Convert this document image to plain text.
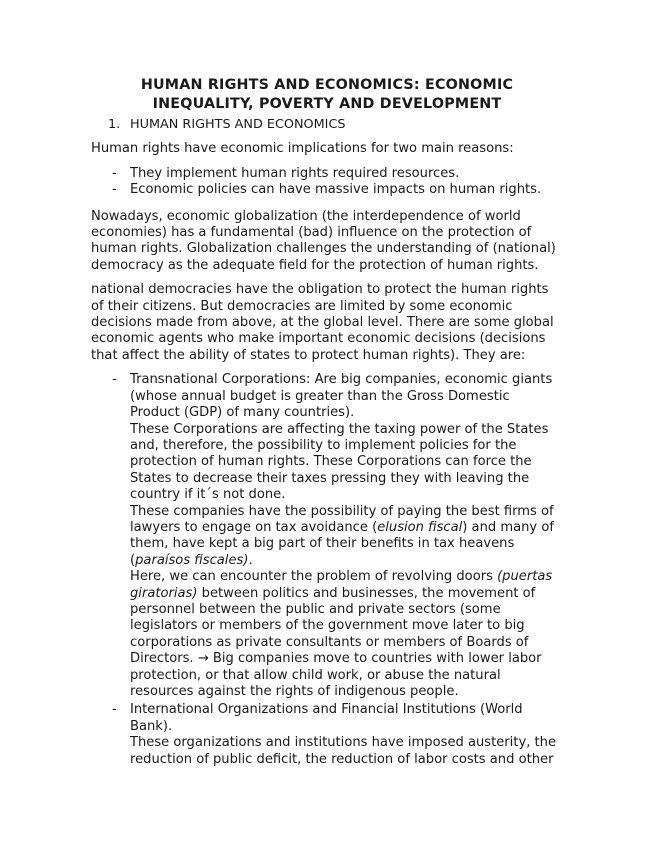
HUMAN RIGHTS AND ECONOMICS: ECONOMIC
INEQUALITY, POVERTY AND DEVELOPMENT
1. HUMAN RIGHTS AND ECONOMICS

Human rights have economic implications for two main reasons:

- They implement human rights required resources.
- Economic policies can have massive impacts on human rights.

Nowadays, economic globalization (the interdependence of world economies) has a fundamental (bad) influence on the protection of human rights. Globalization challenges the understanding of (national) democracy as the adequate field for the protection of human rights.

national democracies have the obligation to protect the human rights of their citizens. But democracies are limited by some economic decisions made from above, at the global level. There are some global economic agents who make important economic decisions (decisions that affect the ability of states to protect human rights). They are:

- Transnational Corporations: Are big companies, economic giants (whose annual budget is greater than the Gross Domestic Product (GDP) of many countries).
These Corporations are affecting the taxing power of the States and, therefore, the possibility to implement policies for the protection of human rights. These Corporations can force the States to decrease their taxes pressing they with leaving the country if it´s not done.
These companies have the possibility of paying the best firms of lawyers to engage on tax avoidance (elusion fiscal) and many of them, have kept a big part of their benefits in tax heavens (paraísos fiscales).
Here, we can encounter the problem of revolving doors (puertas giratorias) between politics and businesses, the movement of personnel between the public and private sectors (some legislators or members of the government move later to big corporations as private consultants or members of Boards of Directors. → Big companies move to countries with lower labor protection, or that allow child work, or abuse the natural resources against the rights of indigenous people.
- International Organizations and Financial Institutions (World Bank).
These organizations and institutions have imposed austerity, the reduction of public deficit, the reduction of labor costs and other
